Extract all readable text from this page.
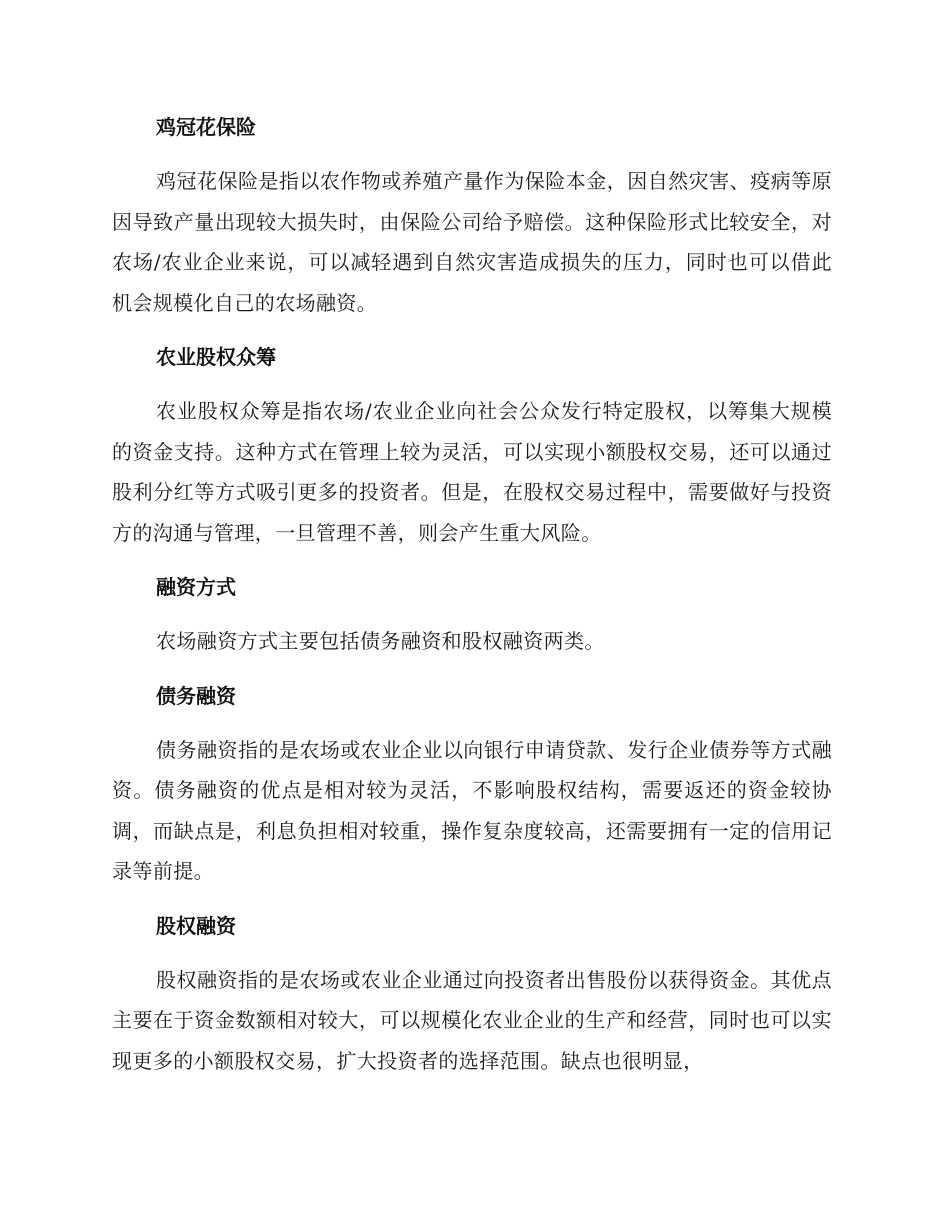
鸡冠花保险

鸡冠花保险是指以农作物或养殖产量作为保险本金，因自然灾害、疫病等原因导致产量出现较大损失时，由保险公司给予赔偿。这种保险形式比较安全，对农场/农业企业来说，可以减轻遇到自然灾害造成损失的压力，同时也可以借此机会规模化自己的农场融资。

农业股权众筹

农业股权众筹是指农场/农业企业向社会公众发行特定股权，以筹集大规模的资金支持。这种方式在管理上较为灵活，可以实现小额股权交易，还可以通过股利分红等方式吸引更多的投资者。但是，在股权交易过程中，需要做好与投资方的沟通与管理，一旦管理不善，则会产生重大风险。

融资方式

农场融资方式主要包括债务融资和股权融资两类。

债务融资

债务融资指的是农场或农业企业以向银行申请贷款、发行企业债券等方式融资。债务融资的优点是相对较为灵活，不影响股权结构，需要返还的资金较协调，而缺点是，利息负担相对较重，操作复杂度较高，还需要拥有一定的信用记录等前提。

股权融资

股权融资指的是农场或农业企业通过向投资者出售股份以获得资金。其优点主要在于资金数额相对较大，可以规模化农业企业的生产和经营，同时也可以实现更多的小额股权交易，扩大投资者的选择范围。缺点也很明显，
